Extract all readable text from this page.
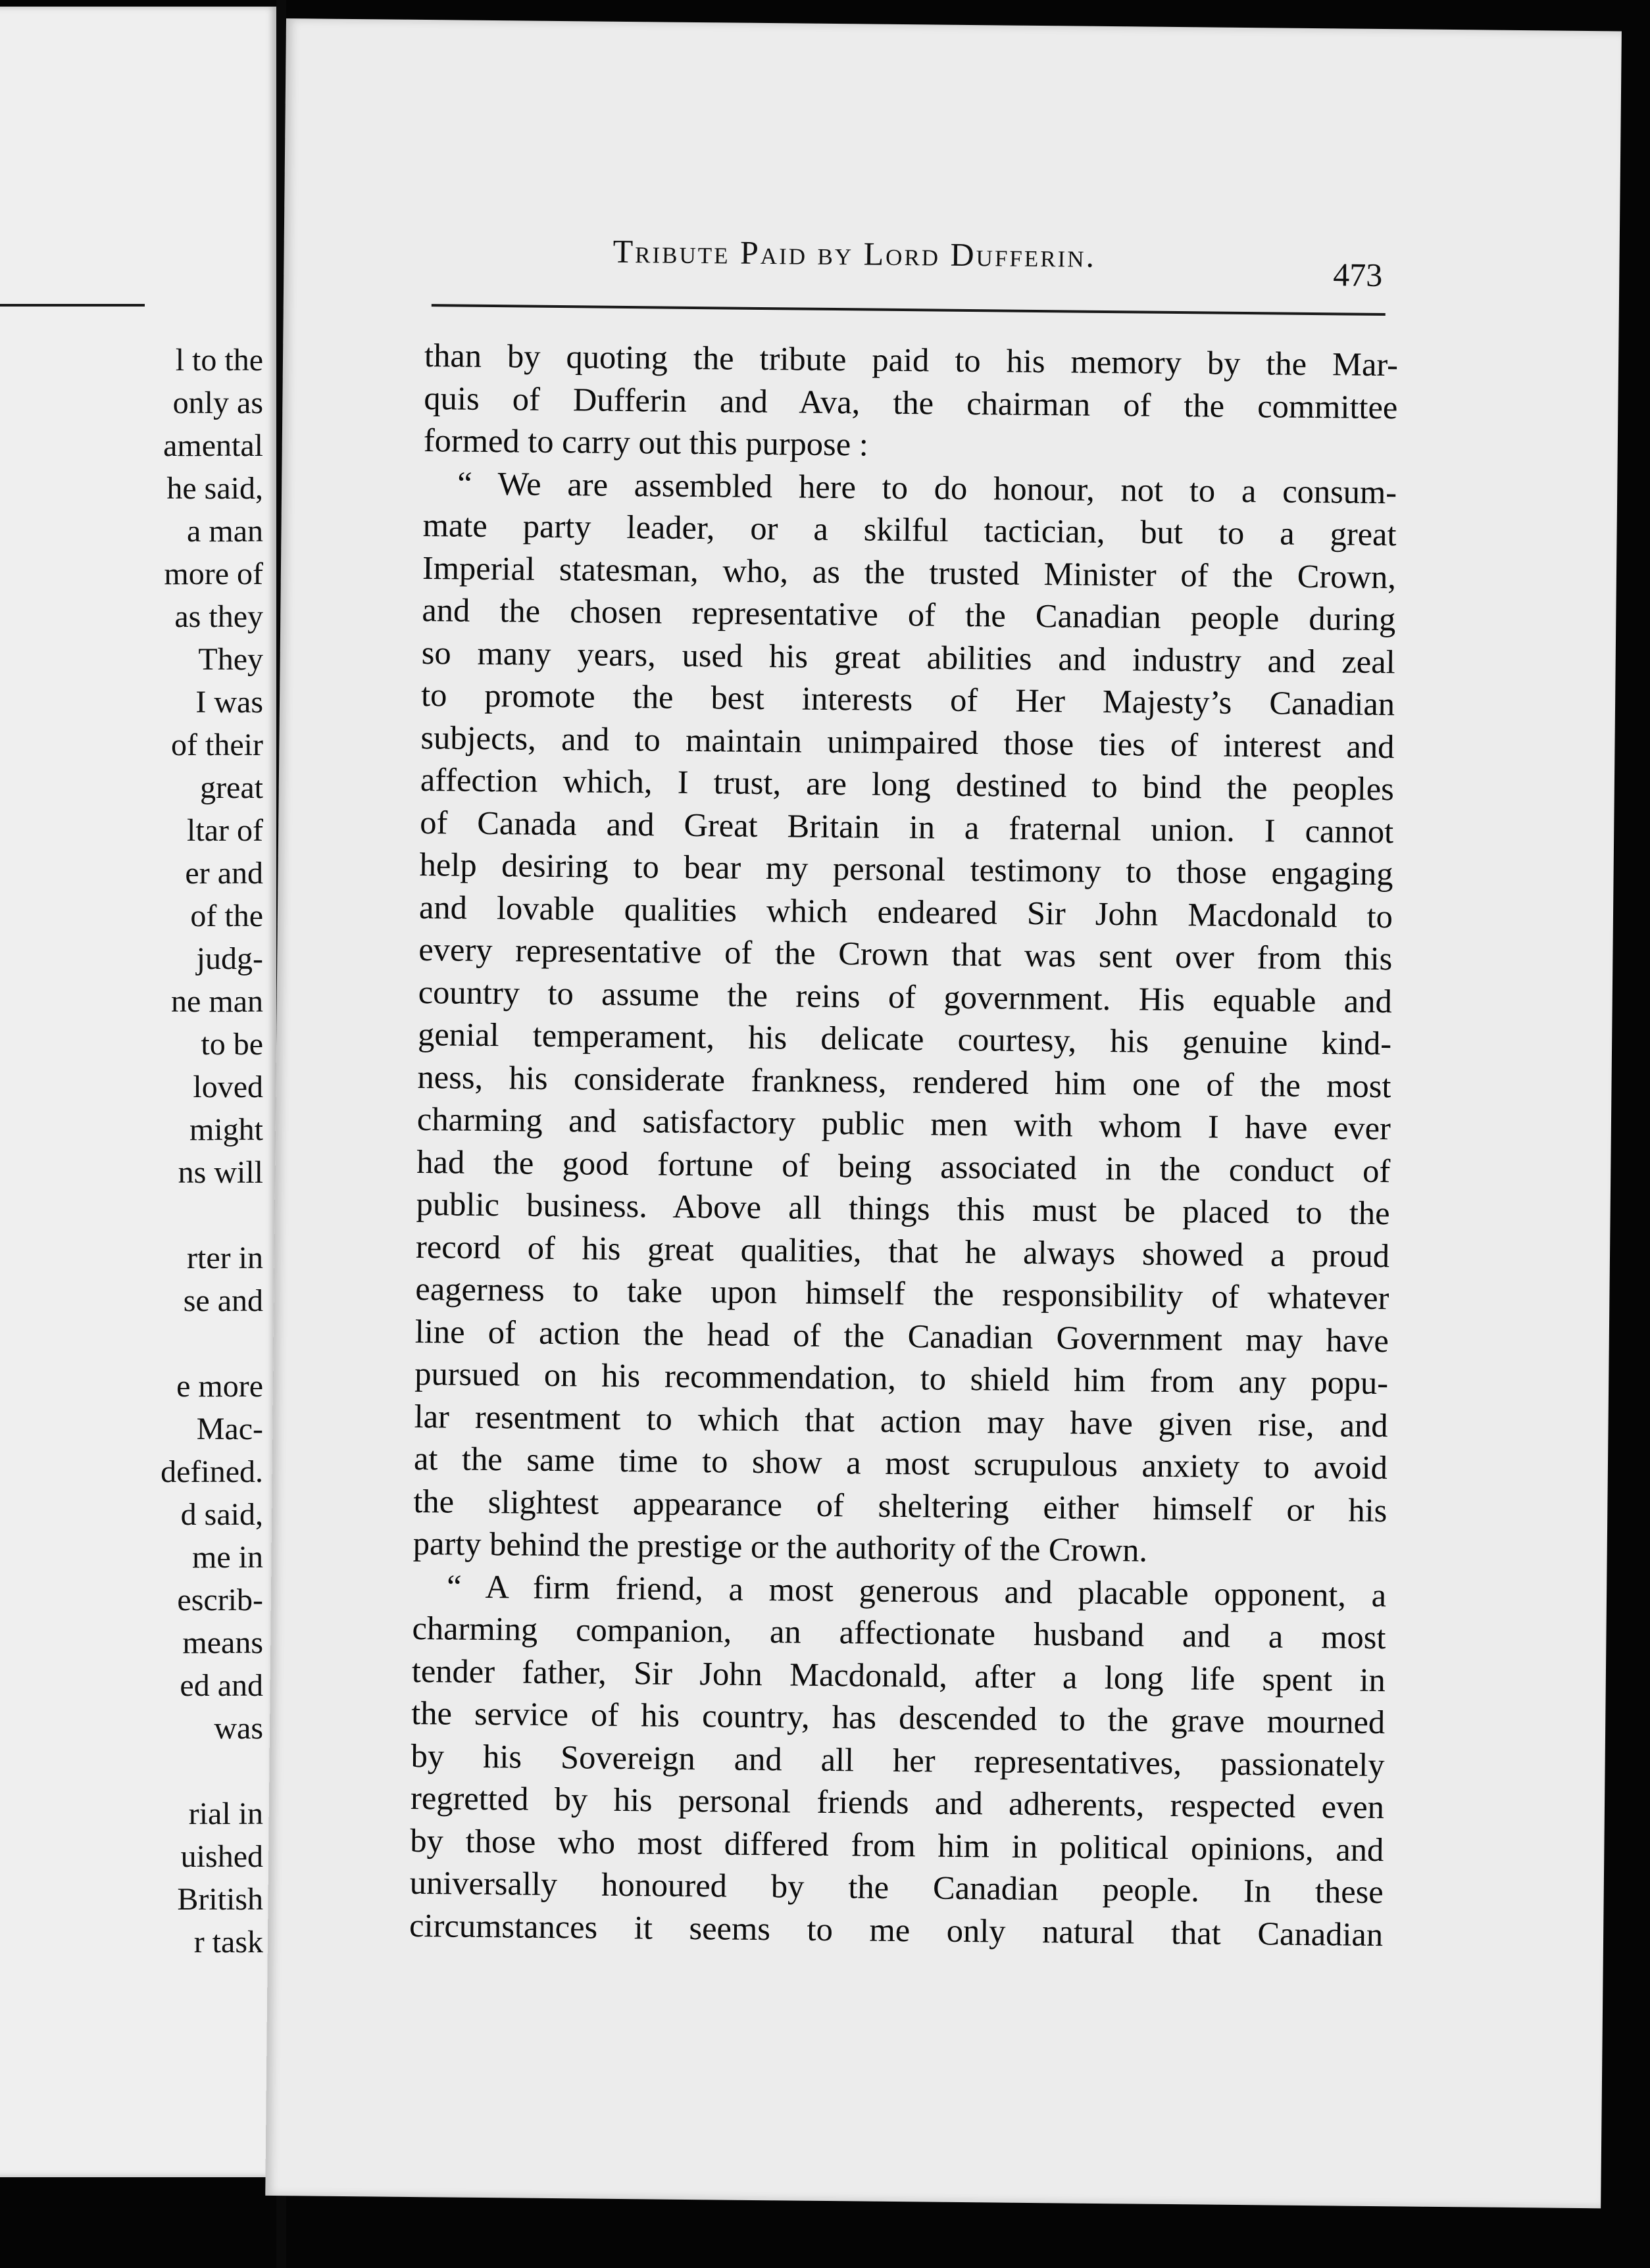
l to the
only as
amental
he said,
a man
more of
as they
They
I was
of their
great
ltar of
er and
of the
judg-
ne man
to be
loved
might
ns will
rter in
se and
e more
Mac-
defined.
d said,
me in
escrib-
means
ed and
was
rial in
uished
British
r task
Tribute Paid by Lord Dufferin.
473
than by quoting the tribute paid to his memory by the Mar-
quis of Dufferin and Ava, the chairman of the committee
formed to carry out this purpose :
“ We are assembled here to do honour, not to a consum-
mate party leader, or a skilful tactician, but to a great
Imperial statesman, who, as the trusted Minister of the Crown,
and the chosen representative of the Canadian people during
so many years, used his great abilities and industry and zeal
to promote the best interests of Her Majesty’s Canadian
subjects, and to maintain unimpaired those ties of interest and
affection which, I trust, are long destined to bind the peoples
of Canada and Great Britain in a fraternal union. I cannot
help desiring to bear my personal testimony to those engaging
and lovable qualities which endeared Sir John Macdonald to
every representative of the Crown that was sent over from this
country to assume the reins of government. His equable and
genial temperament, his delicate courtesy, his genuine kind-
ness, his considerate frankness, rendered him one of the most
charming and satisfactory public men with whom I have ever
had the good fortune of being associated in the conduct of
public business. Above all things this must be placed to the
record of his great qualities, that he always showed a proud
eagerness to take upon himself the responsibility of whatever
line of action the head of the Canadian Government may have
pursued on his recommendation, to shield him from any popu-
lar resentment to which that action may have given rise, and
at the same time to show a most scrupulous anxiety to avoid
the slightest appearance of sheltering either himself or his
party behind the prestige or the authority of the Crown.
“ A firm friend, a most generous and placable opponent, a
charming companion, an affectionate husband and a most
tender father, Sir John Macdonald, after a long life spent in
the service of his country, has descended to the grave mourned
by his Sovereign and all her representatives, passionately
regretted by his personal friends and adherents, respected even
by those who most differed from him in political opinions, and
universally honoured by the Canadian people. In these
circumstances it seems to me only natural that Canadian
